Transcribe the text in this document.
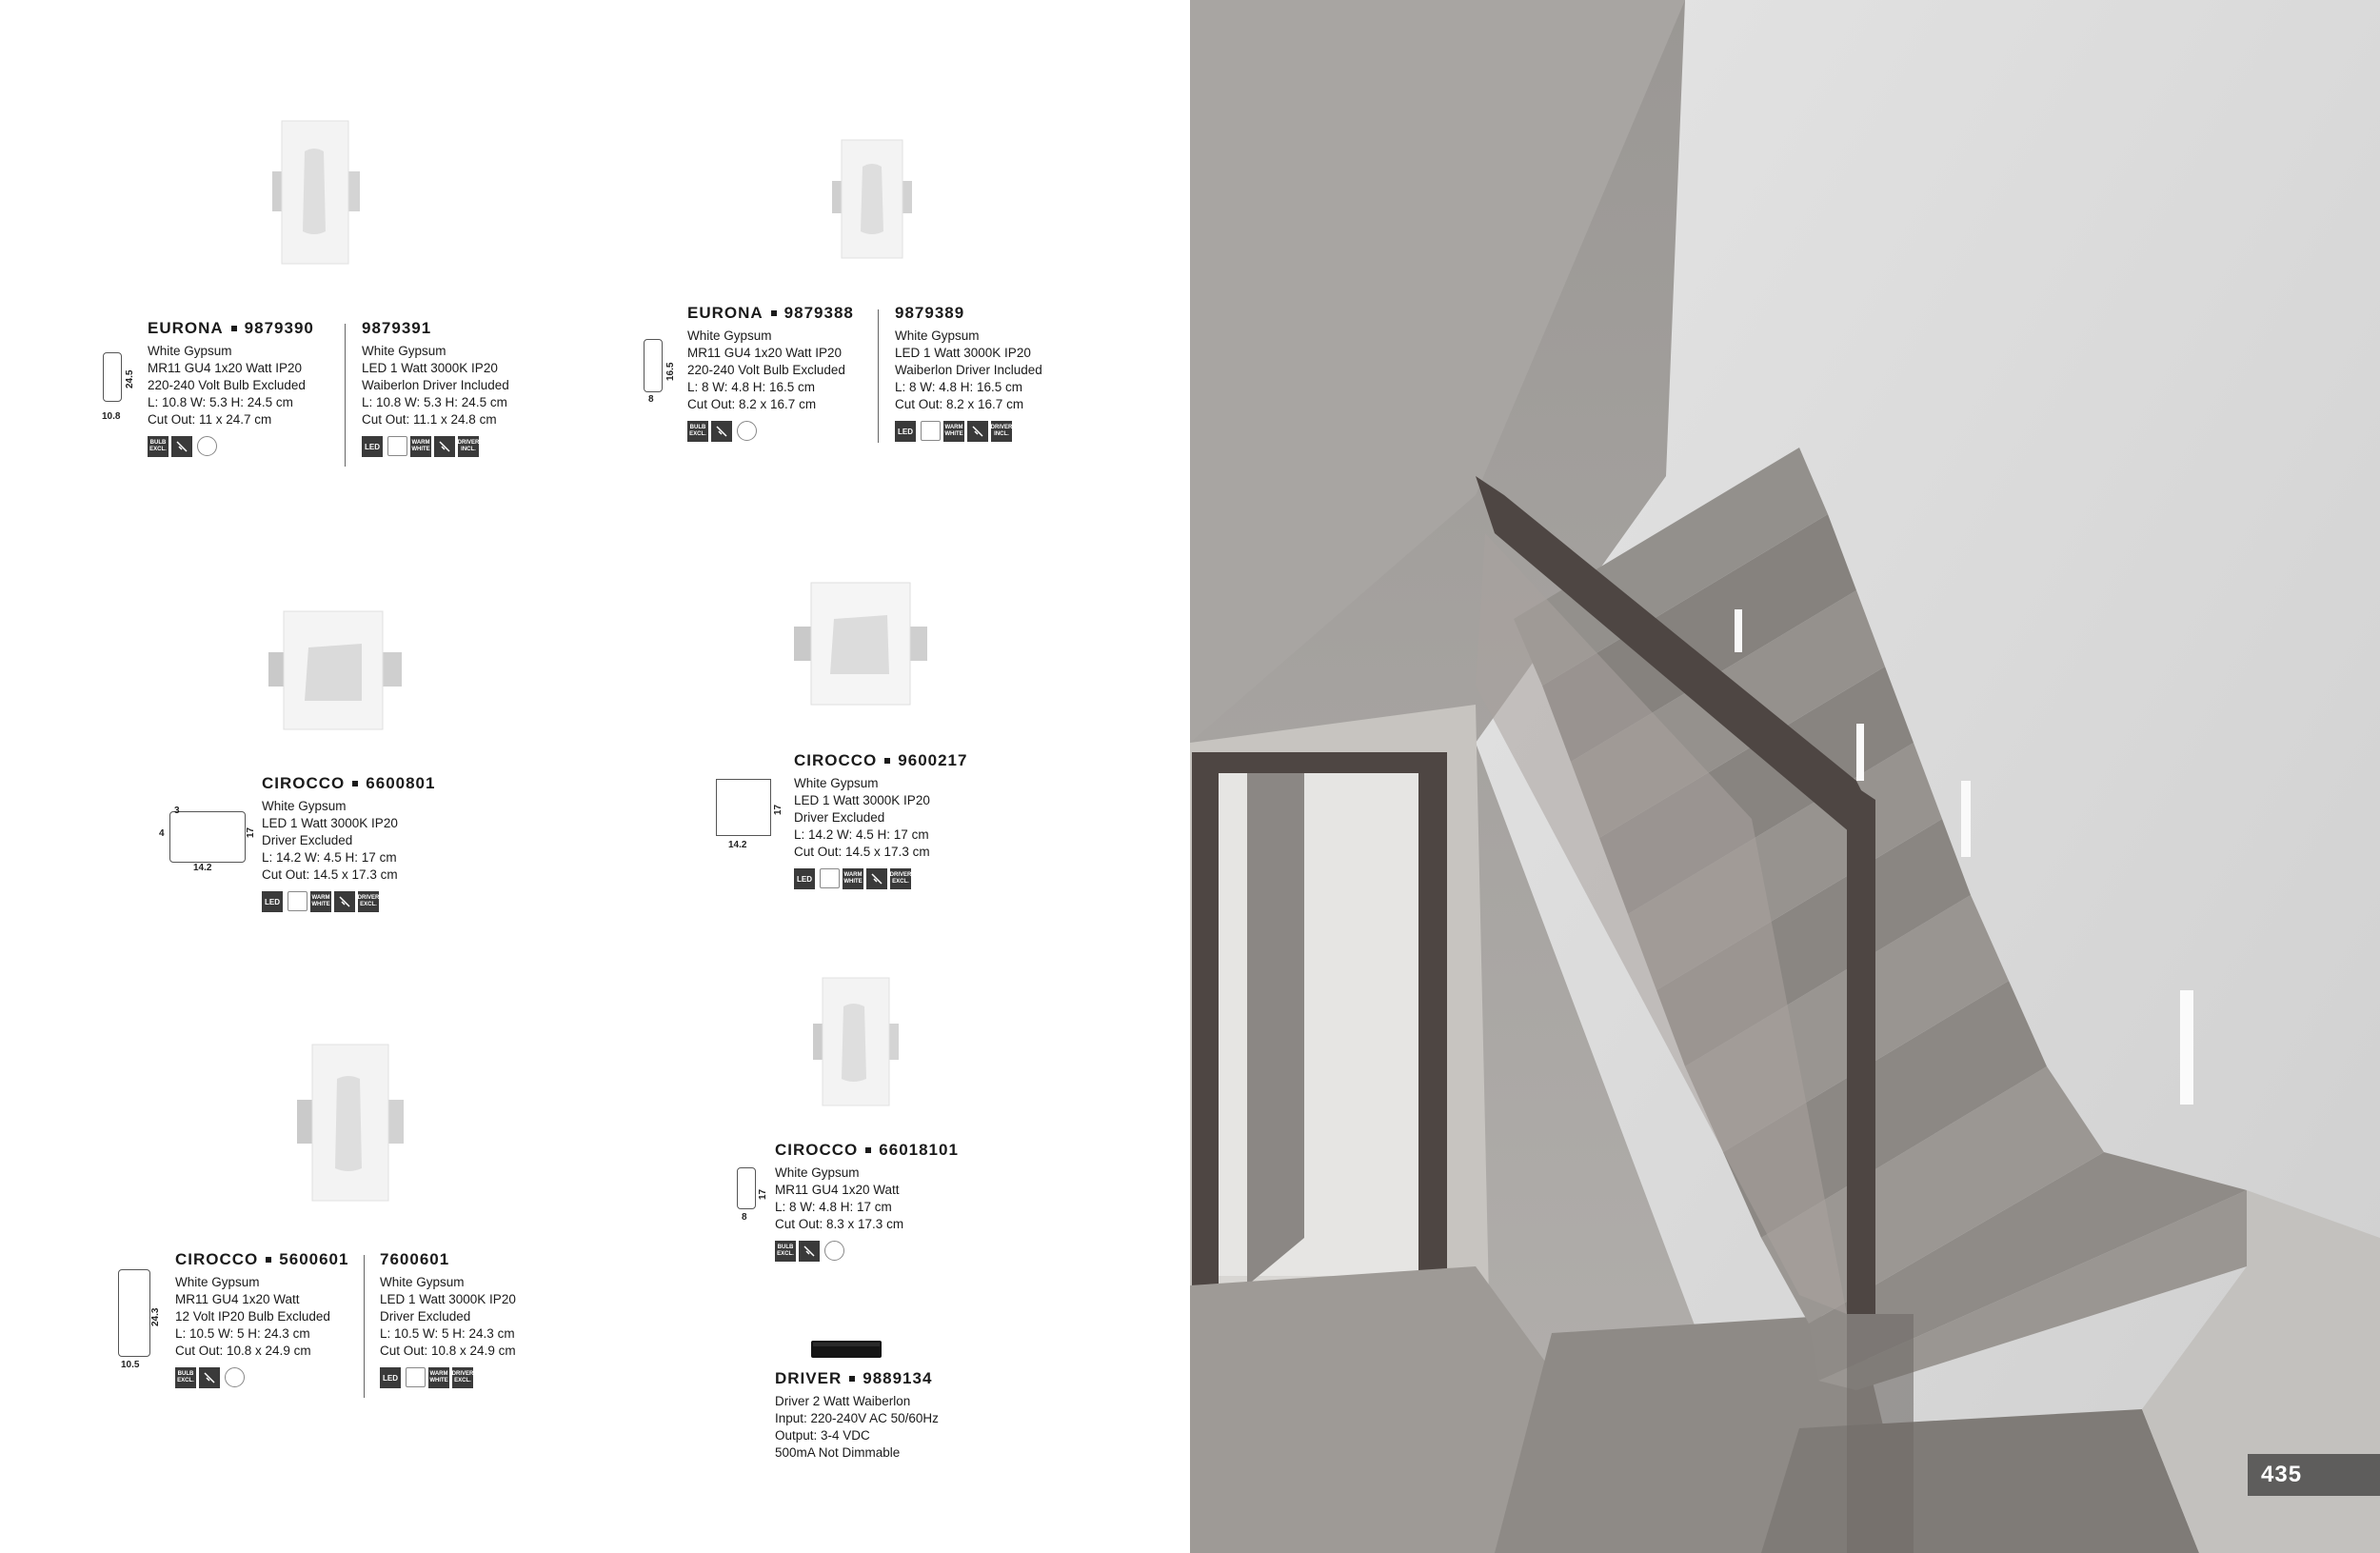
24.5
10.8
16.5
8
3
4	17
14.2
17
14.2
17
8
24.3
10.5
EURONA 9879390
White Gypsum
MR11 GU4 1x20 Watt IP20
220-240 Volt Bulb Excluded
L: 10.8 W: 5.3 H: 24.5 cm
Cut Out: 11 x 24.7 cm
BULB EXCL.
9879391
White Gypsum
LED 1 Watt 3000K IP20
Waiberlon Driver Included
L: 10.8 W: 5.3 H: 24.5 cm
Cut Out: 11.1 x 24.8 cm
LED	WARM WHITE
DRIVER INCL.
EURONA 9879388
White Gypsum
MR11 GU4 1x20 Watt IP20
220-240 Volt Bulb Excluded
L: 8 W: 4.8 H: 16.5 cm
Cut Out: 8.2 x 16.7 cm
BULB EXCL.
9879389
White Gypsum
LED 1 Watt 3000K IP20
Waiberlon Driver Included
L: 8 W: 4.8 H: 16.5 cm
Cut Out: 8.2 x 16.7 cm
LED	WARM WHITE
DRIVER INCL.
CIROCCO 6600801
White Gypsum
LED 1 Watt 3000K IP20
Driver Excluded
L: 14.2 W: 4.5 H: 17 cm
Cut Out: 14.5 x 17.3 cm
LED	WARM WHITE
DRIVER EXCL.
CIROCCO 9600217
White Gypsum
LED 1 Watt 3000K IP20
Driver Excluded
L: 14.2 W: 4.5 H: 17 cm
Cut Out: 14.5 x 17.3 cm
LED	WARM WHITE
DRIVER EXCL.
CIROCCO 66018101
White Gypsum
MR11 GU4 1x20 Watt
L: 8 W: 4.8 H: 17 cm
Cut Out: 8.3 x 17.3 cm
BULB EXCL.
CIROCCO 5600601
White Gypsum
MR11 GU4 1x20 Watt
12 Volt IP20 Bulb Excluded
L: 10.5 W: 5 H: 24.3 cm
Cut Out: 10.8 x 24.9 cm
BULB EXCL.
7600601
White Gypsum
LED 1 Watt 3000K IP20
Driver Excluded
L: 10.5 W: 5 H: 24.3 cm
Cut Out: 10.8 x 24.9 cm
LED	WARM WHITE
DRIVER EXCL.	DRIVER 9889134
Driver 2 Watt Waiberlon
Input: 220-240V AC 50/60Hz
Output: 3-4 VDC
500mA Not Dimmable
435
